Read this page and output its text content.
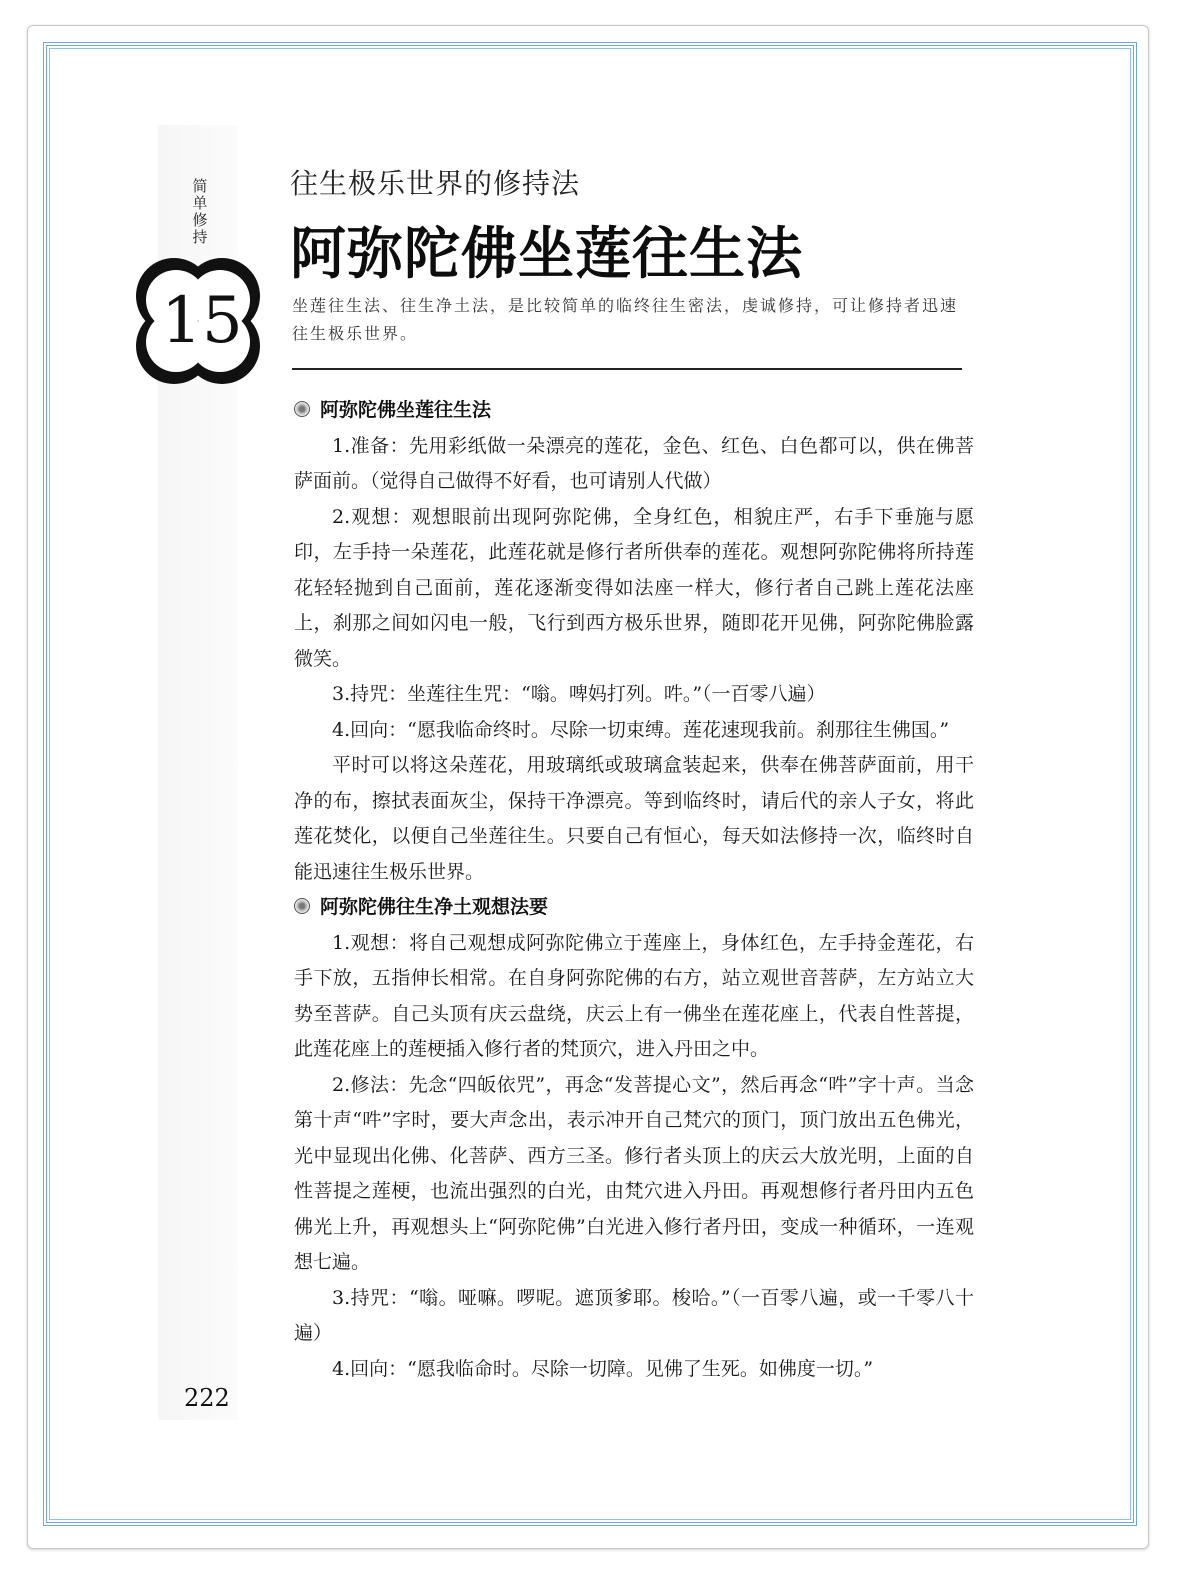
简单修持
15
往生极乐世界的修持法
阿弥陀佛坐莲往生法
坐莲往生法、往生净土法，是比较简单的临终往生密法，虔诚修持，可让修持者迅速往生极乐世界。
阿弥陀佛坐莲往生法

1.准备：先用彩纸做一朵漂亮的莲花，金色、红色、白色都可以，供在佛菩萨面前。（觉得自己做得不好看，也可请别人代做）

2.观想：观想眼前出现阿弥陀佛，全身红色，相貌庄严，右手下垂施与愿印，左手持一朵莲花，此莲花就是修行者所供奉的莲花。观想阿弥陀佛将所持莲花轻轻抛到自己面前，莲花逐渐变得如法座一样大，修行者自己跳上莲花法座上，刹那之间如闪电一般，飞行到西方极乐世界，随即花开见佛，阿弥陀佛脸露微笑。

3.持咒：坐莲往生咒：“嗡。啤妈打列。吽。”（一百零八遍）

4.回向：“愿我临命终时。尽除一切束缚。莲花速现我前。刹那往生佛国。”

平时可以将这朵莲花，用玻璃纸或玻璃盒装起来，供奉在佛菩萨面前，用干净的布，擦拭表面灰尘，保持干净漂亮。等到临终时，请后代的亲人子女，将此莲花焚化，以便自己坐莲往生。只要自己有恒心，每天如法修持一次，临终时自能迅速往生极乐世界。

阿弥陀佛往生净土观想法要

1.观想：将自己观想成阿弥陀佛立于莲座上，身体红色，左手持金莲花，右手下放，五指伸长相常。在自身阿弥陀佛的右方，站立观世音菩萨，左方站立大势至菩萨。自己头顶有庆云盘绕，庆云上有一佛坐在莲花座上，代表自性菩提，此莲花座上的莲梗插入修行者的梵顶穴，进入丹田之中。

2.修法：先念“四皈依咒”，再念“发菩提心文”，然后再念“吽”字十声。当念第十声“吽”字时，要大声念出，表示冲开自己梵穴的顶门，顶门放出五色佛光，光中显现出化佛、化菩萨、西方三圣。修行者头顶上的庆云大放光明，上面的自性菩提之莲梗，也流出强烈的白光，由梵穴进入丹田。再观想修行者丹田内五色佛光上升，再观想头上“阿弥陀佛”白光进入修行者丹田，变成一种循环，一连观想七遍。

3.持咒：“嗡。哑嘛。啰呢。遮顶爹耶。梭哈。”（一百零八遍，或一千零八十遍）

4.回向：“愿我临命时。尽除一切障。见佛了生死。如佛度一切。”

222
